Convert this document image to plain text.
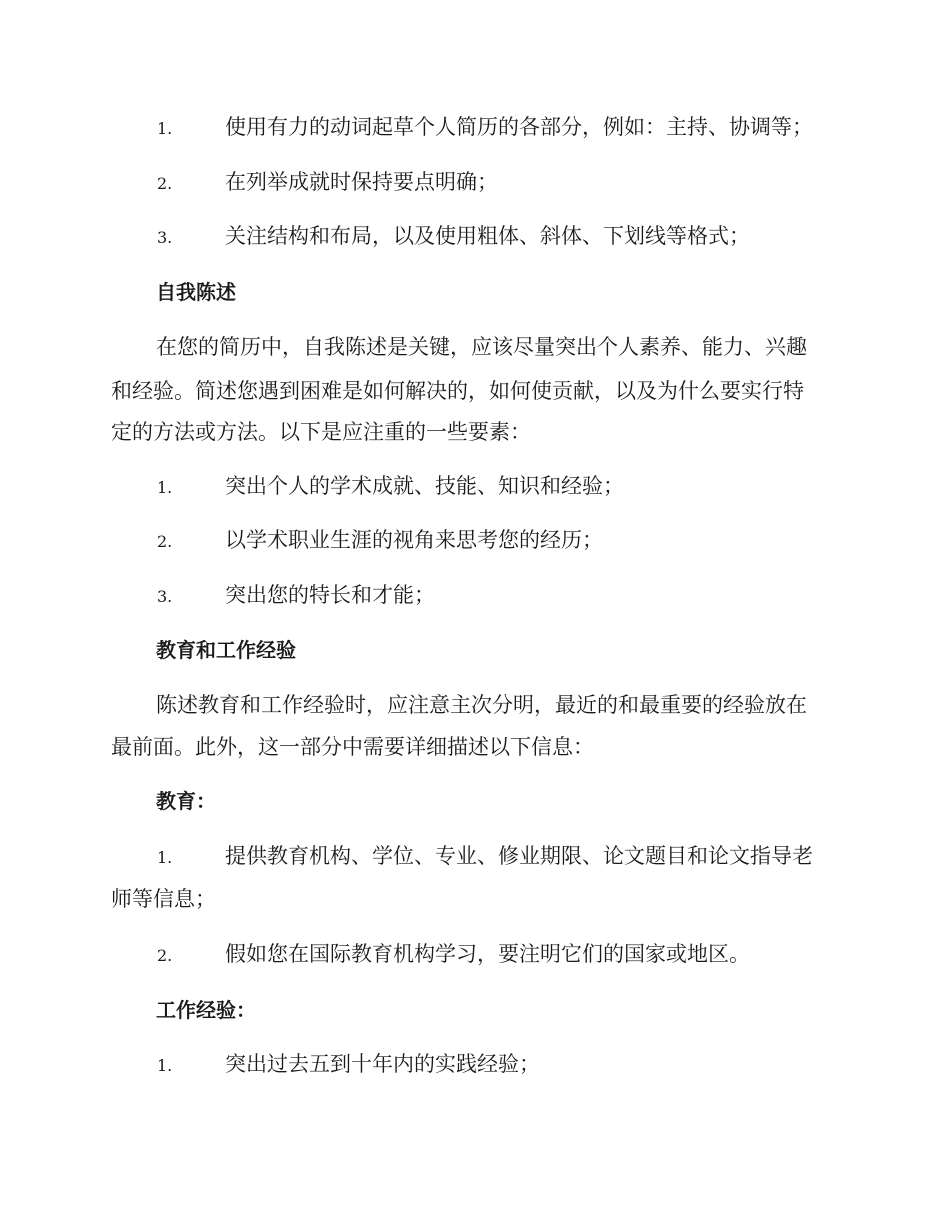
1.	使用有力的动词起草个人简历的各部分，例如：主持、协调等；
2.	在列举成就时保持要点明确；
3.	关注结构和布局，以及使用粗体、斜体、下划线等格式；
自我陈述
在您的简历中，自我陈述是关键，应该尽量突出个人素养、能力、兴趣
和经验。简述您遇到困难是如何解决的，如何使贡献，以及为什么要实行特
定的方法或方法。以下是应注重的一些要素：
1.	突出个人的学术成就、技能、知识和经验；
2.	以学术职业生涯的视角来思考您的经历；
3.	突出您的特长和才能；
教育和工作经验
陈述教育和工作经验时，应注意主次分明，最近的和最重要的经验放在
最前面。此外，这一部分中需要详细描述以下信息：
教育：
1.	提供教育机构、学位、专业、修业期限、论文题目和论文指导老
师等信息；
2.	假如您在国际教育机构学习，要注明它们的国家或地区。
工作经验：
1.	突出过去五到十年内的实践经验；
